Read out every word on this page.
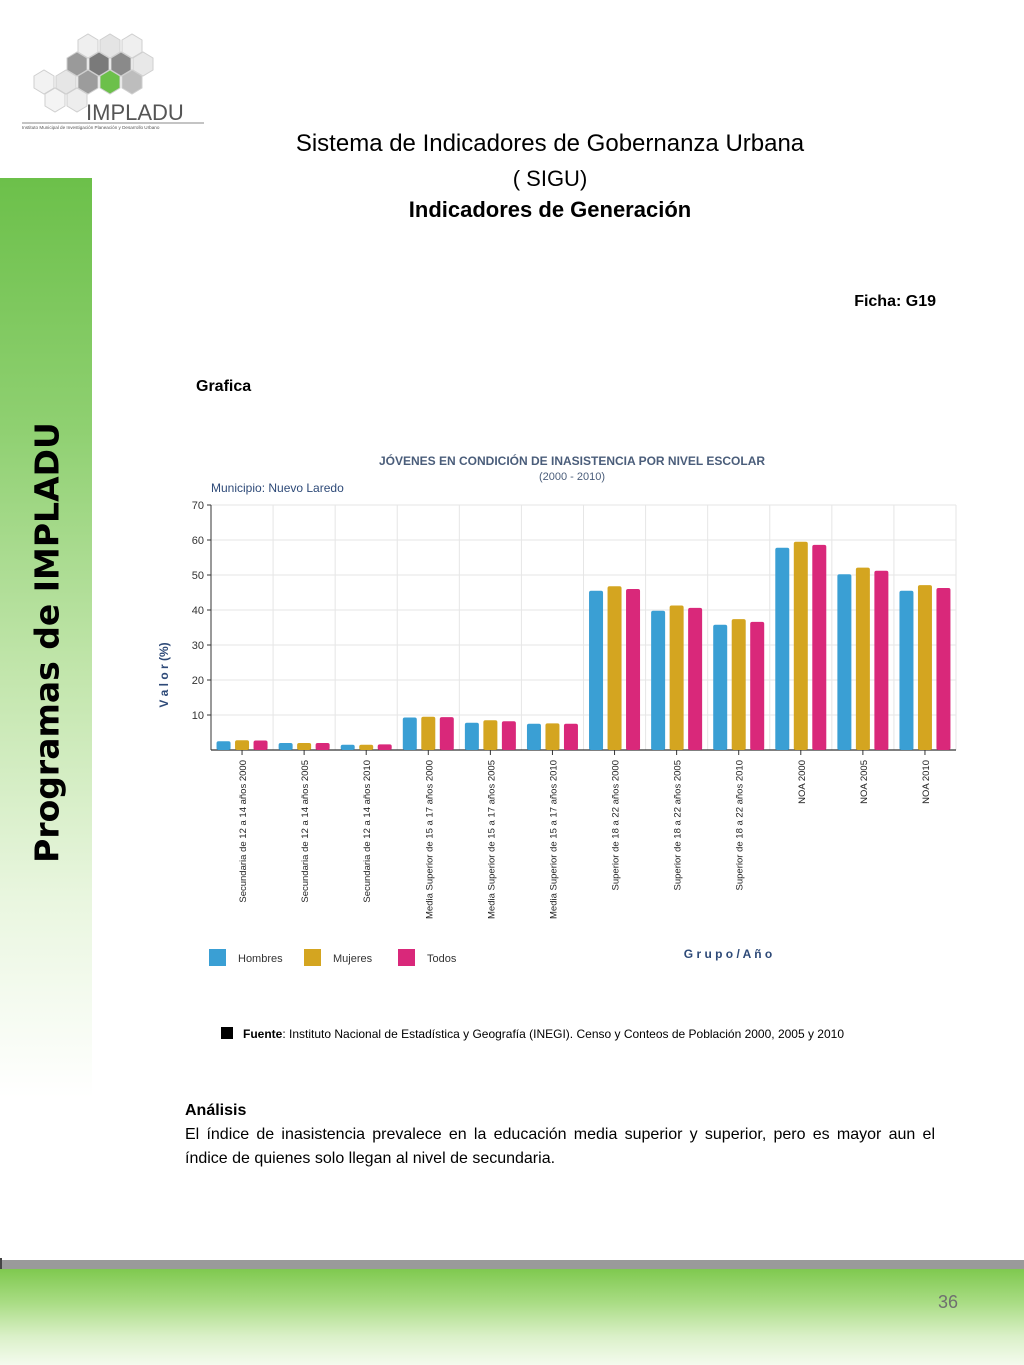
IMPLADU
Instituto Municipal de Investigación Planeación y Desarrollo Urbano
Programas de IMPLADU
Sistema de Indicadores de Gobernanza Urbana
( SIGU)
Indicadores de Generación
Ficha: G19
Grafica
JÓVENES EN CONDICIÓN DE INASISTENCIA POR NIVEL ESCOLAR
(2000 - 2010)
Municipio: Nuevo Laredo
10
20
30
40
50
60
70
Secundaria de 12 a 14 años 2000	Secundaria de 12 a 14 años 2005	Secundaria de 12 a 14 años 2010	Media Superior de 15 a 17 años 2000	Media Superior de 15 a 17 años 2005	Media Superior de 15 a 17 años 2010	Superior de 18 a 22 años 2000	Superior de 18 a 22 años 2005	Superior de 18 a 22 años 2010	NOA 2000	NOA 2005	NOA 2010
V a l o r (%)
G r u p o / A ñ o
Hombres	Mujeres	Todos
Fuente: Instituto Nacional de Estadística y Geografía (INEGI). Censo y Conteos de Población 2000, 2005 y 2010
Análisis
El índice de inasistencia prevalece en la educación media superior y superior, pero es mayor aun el índice de quienes solo llegan al nivel de secundaria.
36
